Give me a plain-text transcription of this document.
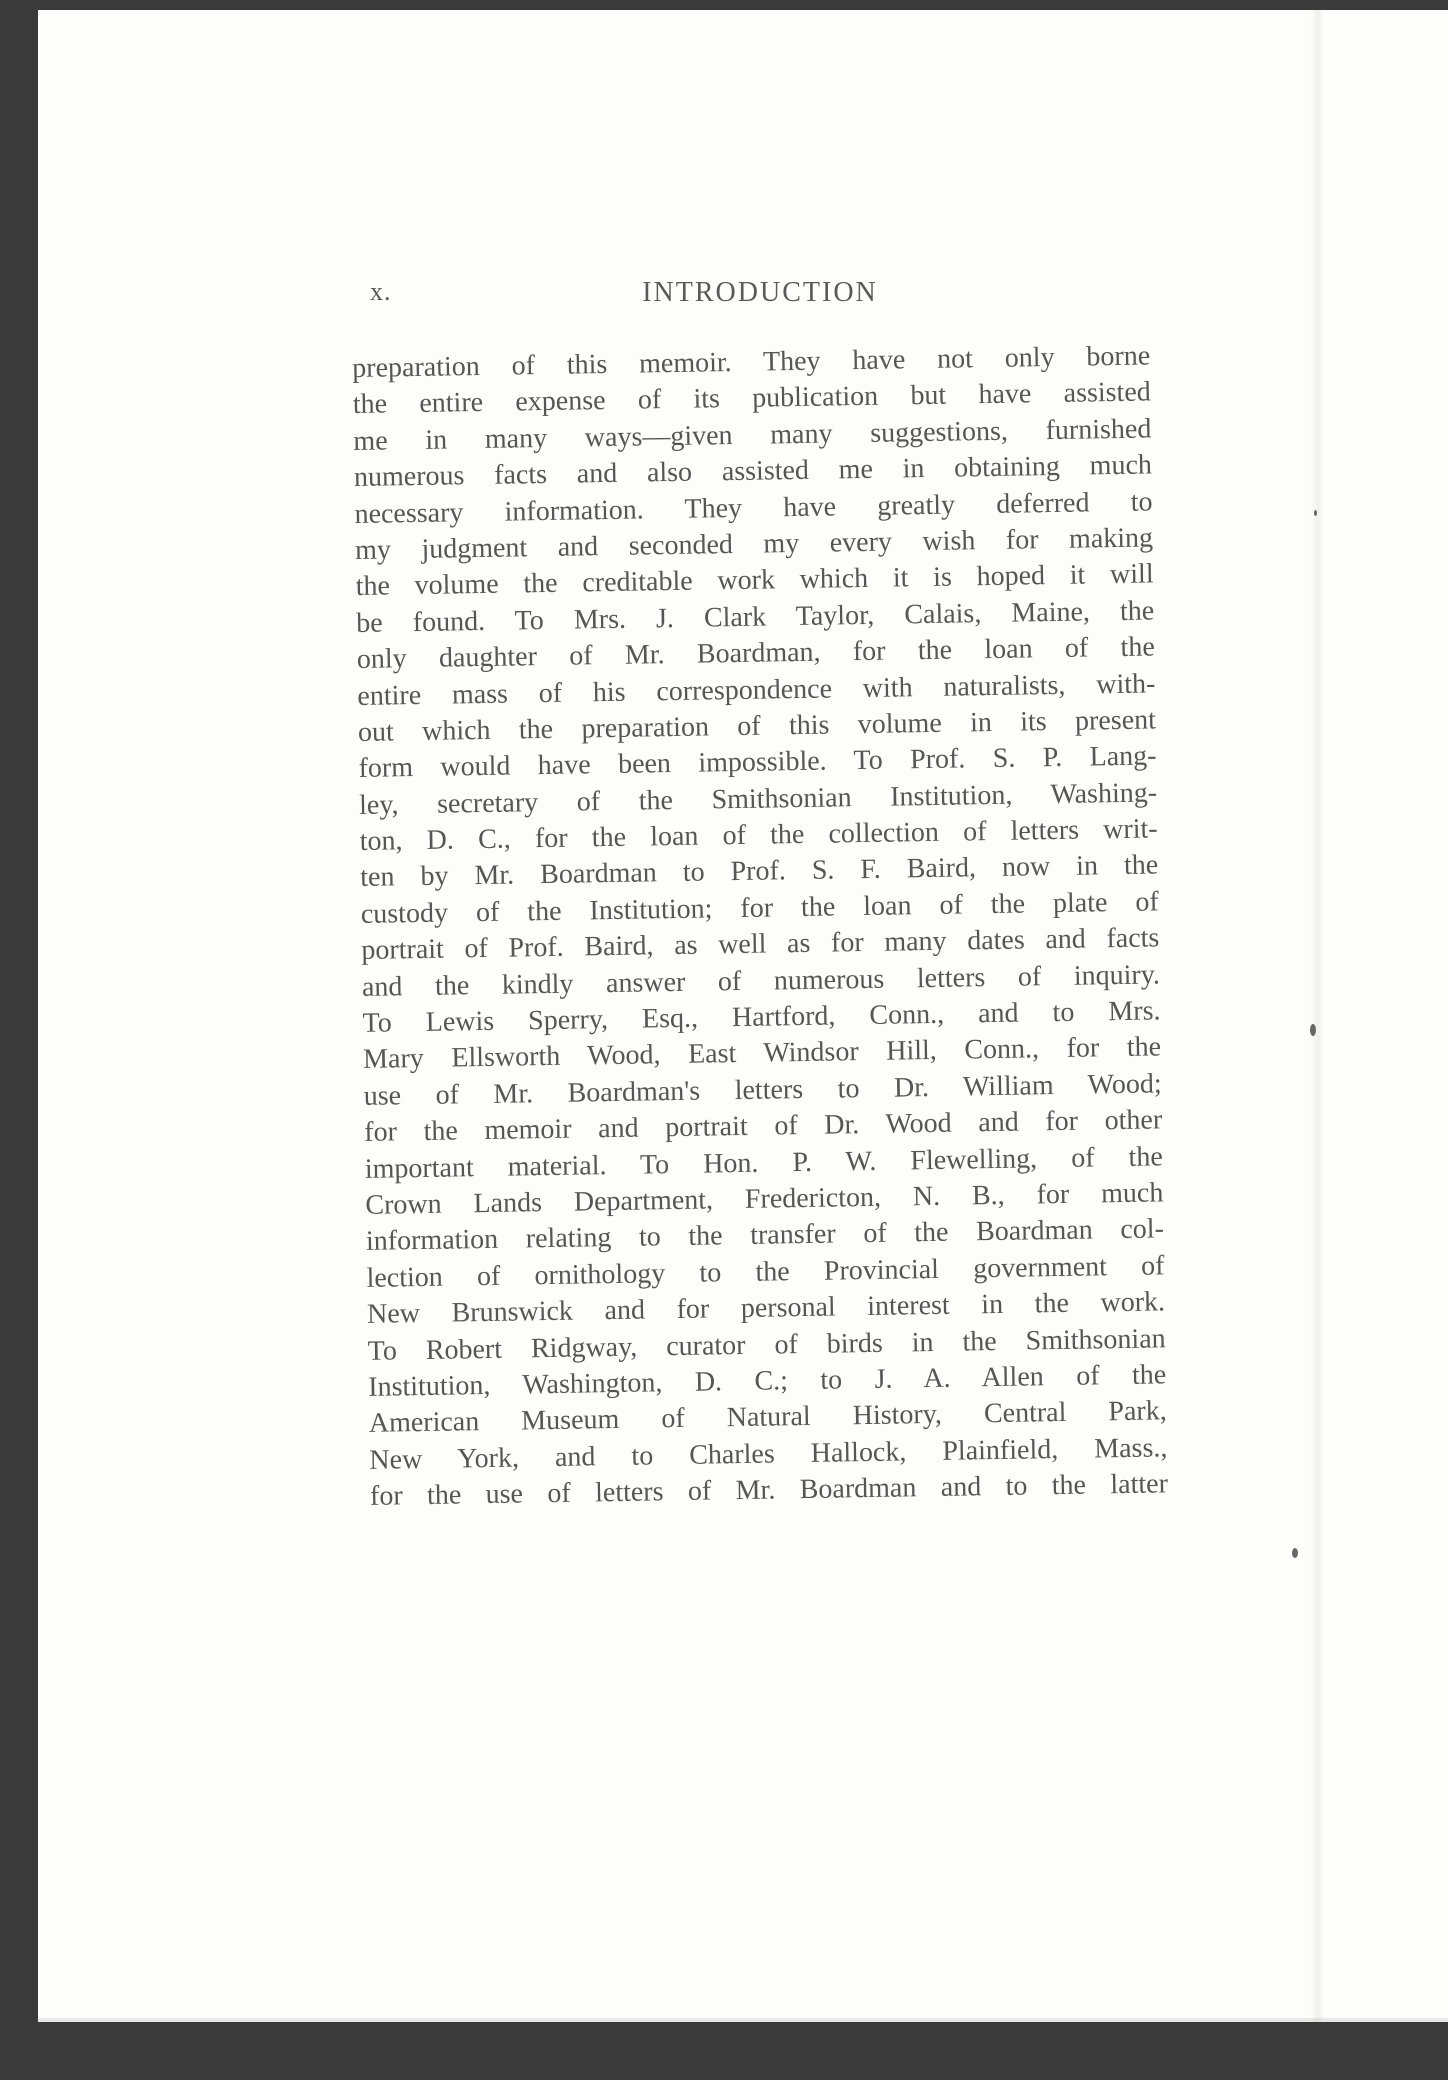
x.	INTRODUCTION
preparation of this memoir. They have not only borne
the entire expense of its publication but have assisted
me in many ways—given many suggestions, furnished
numerous facts and also assisted me in obtaining much
necessary information. They have greatly deferred to
my judgment and seconded my every wish for making
the volume the creditable work which it is hoped it will
be found. To Mrs. J. Clark Taylor, Calais, Maine, the
only daughter of Mr. Boardman, for the loan of the
entire mass of his correspondence with naturalists, with-
out which the preparation of this volume in its present
form would have been impossible. To Prof. S. P. Lang-
ley, secretary of the Smithsonian Institution, Washing-
ton, D. C., for the loan of the collection of letters writ-
ten by Mr. Boardman to Prof. S. F. Baird, now in the
custody of the Institution; for the loan of the plate of
portrait of Prof. Baird, as well as for many dates and facts
and the kindly answer of numerous letters of inquiry.
To Lewis Sperry, Esq., Hartford, Conn., and to Mrs.
Mary Ellsworth Wood, East Windsor Hill, Conn., for the
use of Mr. Boardman's letters to Dr. William Wood;
for the memoir and portrait of Dr. Wood and for other
important material. To Hon. P. W. Flewelling, of the
Crown Lands Department, Fredericton, N. B., for much
information relating to the transfer of the Boardman col-
lection of ornithology to the Provincial government of
New Brunswick and for personal interest in the work.
To Robert Ridgway, curator of birds in the Smithsonian
Institution, Washington, D. C.; to J. A. Allen of the
American Museum of Natural History, Central Park,
New York, and to Charles Hallock, Plainfield, Mass.,
for the use of letters of Mr. Boardman and to the latter
